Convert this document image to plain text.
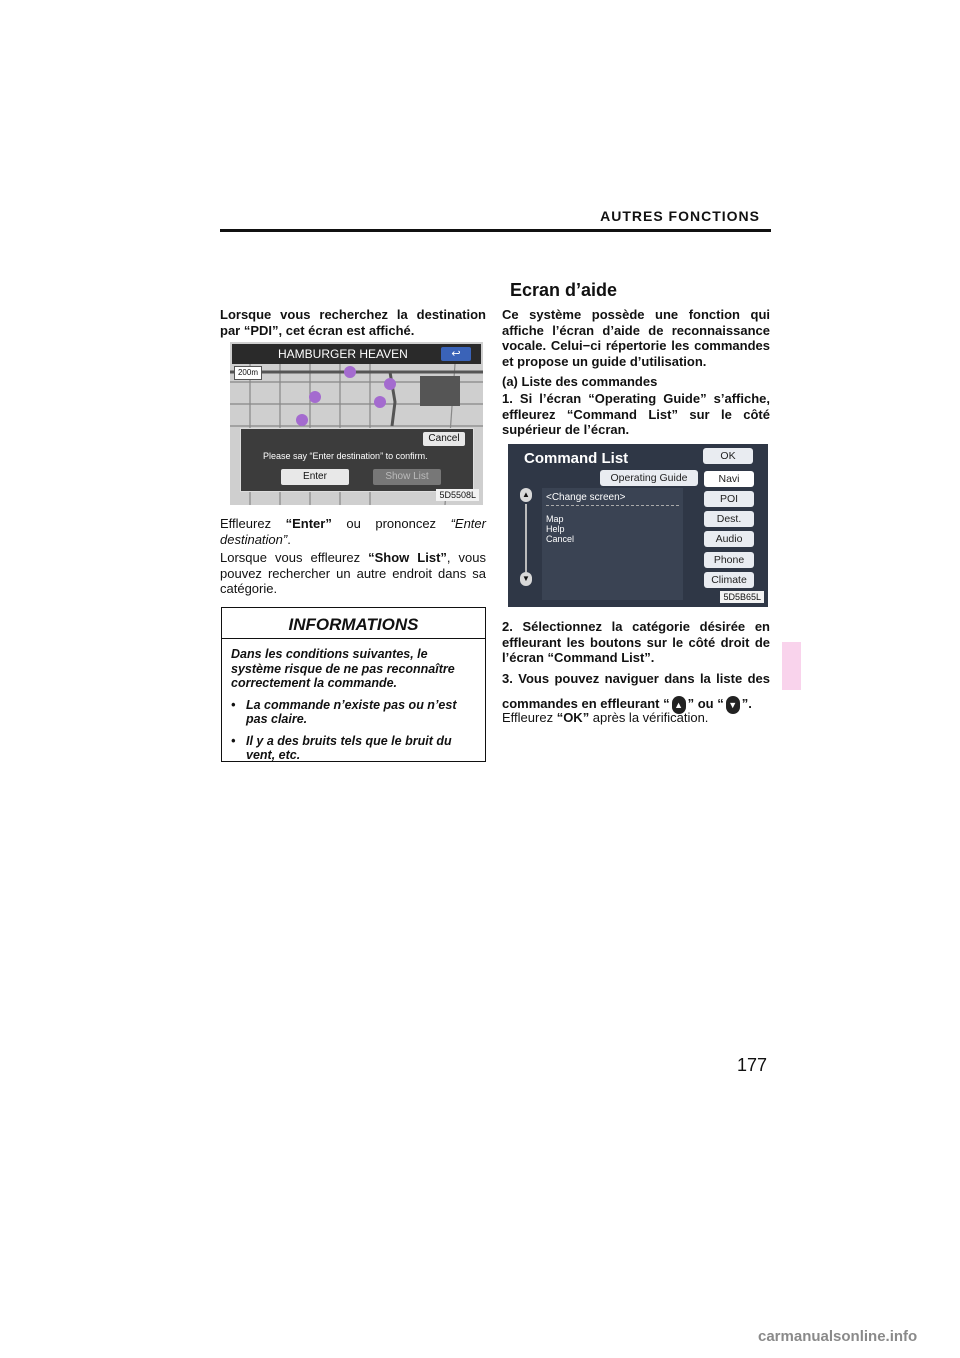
AUTRES FONCTIONS
Lorsque vous recherchez la destination par “PDI”, cet écran est affiché.
HAMBURGER HEAVEN	↩
200m
Cancel
Please say “Enter destination” to confirm.
Enter	Show List
5D5508L
Effleurez “Enter” ou prononcez “Enter destination”.
Lorsque vous effleurez “Show List”, vous pouvez rechercher un autre endroit dans sa catégorie.
INFORMATIONS
Dans les conditions suivantes, le système risque de ne pas reconnaître correctement la commande.
• La commande n’existe pas ou n’est pas claire.
• Il y a des bruits tels que le bruit du vent, etc.
Ecran d’aide
Ce système possède une fonction qui affiche l’écran d’aide de reconnaissance vocale. Celui−ci répertorie les commandes et propose un guide d’utilisation.
(a) Liste des commandes
1. Si l’écran “Operating Guide” s’affiche, effleurez “Command List” sur le côté supérieur de l’écran.
Command List	OK
Operating Guide	Navi
POI
Dest.
Audio
Phone
Climate
<Change screen>
Map
Help
Cancel
▲
▼
5D5B65L
2. Sélectionnez la catégorie désirée en effleurant les boutons sur le côté droit de l’écran “Command List”.
3. Vous pouvez naviguer dans la liste des commandes en effleurant “ ▲ ” ou “ ▼ ”.
Effleurez “OK” après la vérification.
177
carmanualsonline.info
